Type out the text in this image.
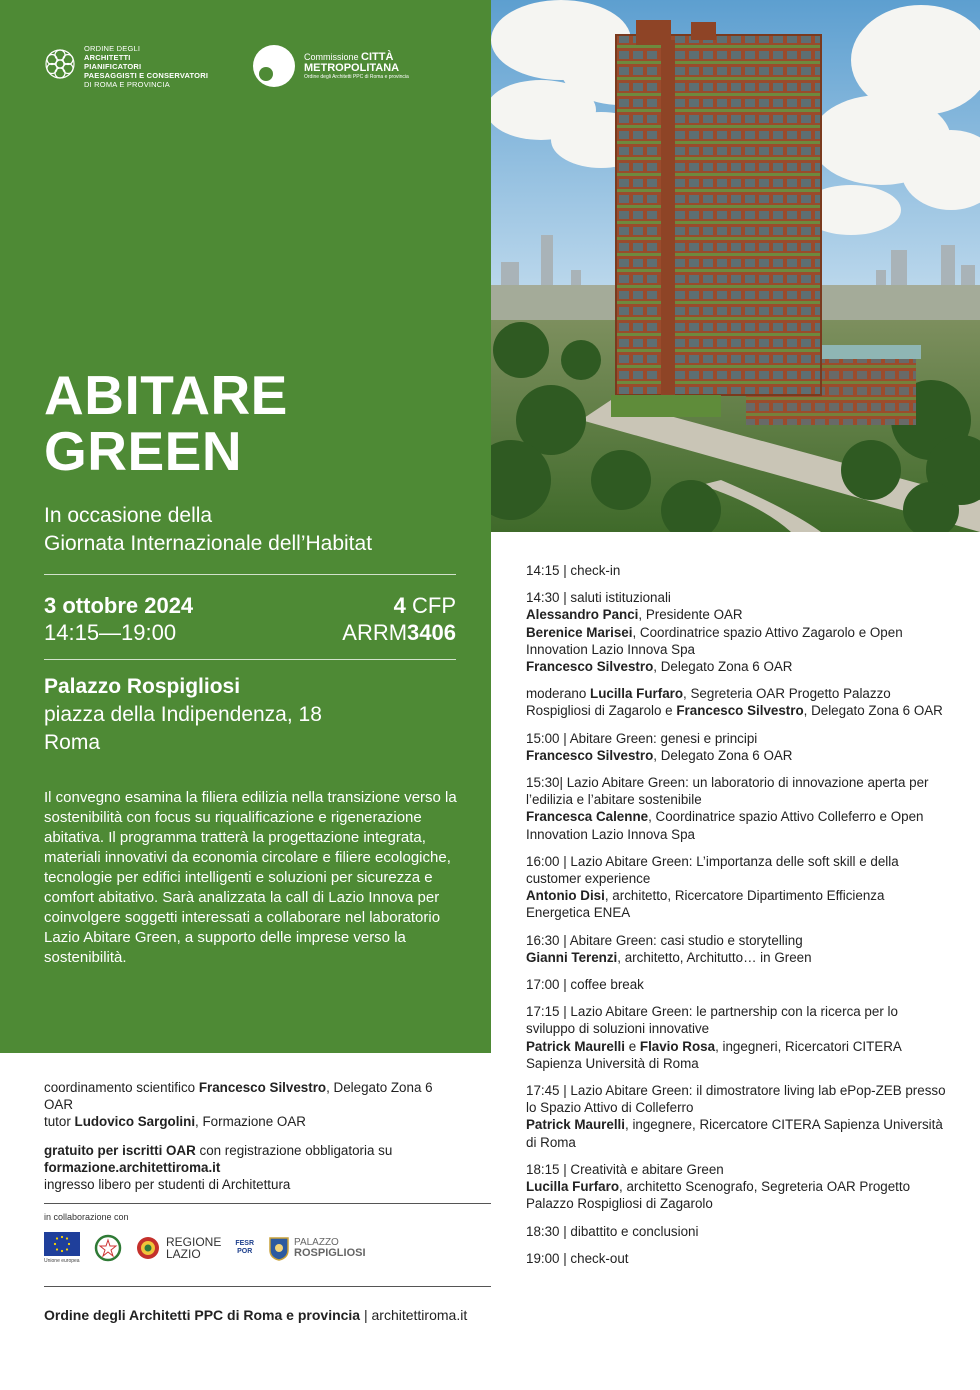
ORDINE DEGLI
ARCHITETTI
PIANIFICATORI
PAESAGGISTI E CONSERVATORI
DI ROMA E PROVINCIA
Commissione CITTÀ
METROPOLITANA
Ordine degli Architetti PPC di Roma e provincia
ABITARE
GREEN
In occasione della
Giornata Internazionale dell’Habitat
3 ottobre 2024
14:15—19:00
4 CFP
ARRM3406
Palazzo Rospigliosi
piazza della Indipendenza, 18
Roma
Il convegno esamina la filiera edilizia nella transizione verso la sostenibilità con focus su riqualificazione e rigenerazione abitativa. Il programma tratterà la progettazione integrata, materiali innovativi da economia circolare e filiere ecologiche, tecnologie per edifici intelligenti e soluzioni per sicurezza e comfort abitativo. Sarà analizzata la call di Lazio Innova per coinvolgere soggetti interessati a collaborare nel laboratorio Lazio Abitare Green, a supporto delle imprese verso la sostenibilità.
14:15 | check-in
14:30 | saluti istituzionali
Alessandro Panci, Presidente OAR
Berenice Marisei, Coordinatrice spazio Attivo Zagarolo e Open Innovation Lazio Innova Spa
Francesco Silvestro, Delegato Zona 6 OAR
moderano Lucilla Furfaro, Segreteria OAR Progetto Palazzo Rospigliosi di Zagarolo e Francesco Silvestro, Delegato Zona 6 OAR
15:00 | Abitare Green: genesi e principi
Francesco Silvestro, Delegato Zona 6 OAR
15:30| Lazio Abitare Green: un laboratorio di innovazione aperta per l’edilizia e l’abitare sostenibile
Francesca Calenne, Coordinatrice spazio Attivo Colleferro e Open Innovation Lazio Innova Spa
16:00 | Lazio Abitare Green: L’importanza delle soft skill e della customer experience
Antonio Disi, architetto, Ricercatore Dipartimento Efficienza Energetica ENEA
16:30 | Abitare Green: casi studio e storytelling
Gianni Terenzi, architetto, Architutto… in Green
17:00 | coffee break
17:15 | Lazio Abitare Green: le partnership con la ricerca per lo sviluppo di soluzioni innovative
Patrick Maurelli e Flavio Rosa, ingegneri, Ricercatori CITERA Sapienza Università di Roma
17:45 | Lazio Abitare Green: il dimostratore living lab ePop-ZEB presso lo Spazio Attivo di Colleferro
Patrick Maurelli, ingegnere, Ricercatore CITERA Sapienza Università di Roma
18:15 | Creatività e abitare Green
Lucilla Furfaro, architetto Scenografo, Segreteria OAR Progetto Palazzo Rospigliosi di Zagarolo
18:30 | dibattito e conclusioni
19:00 | check-out
coordinamento scientifico Francesco Silvestro, Delegato Zona 6 OAR
tutor Ludovico Sargolini, Formazione OAR
gratuito per iscritti OAR con registrazione obbligatoria su
formazione.architettiroma.it
ingresso libero per studenti di Architettura
in collaborazione con
Unione europea
REGIONE
LAZIO
FESR
POR
PALAZZO
ROSPIGLIOSI
Ordine degli Architetti PPC di Roma e provincia | architettiroma.it
